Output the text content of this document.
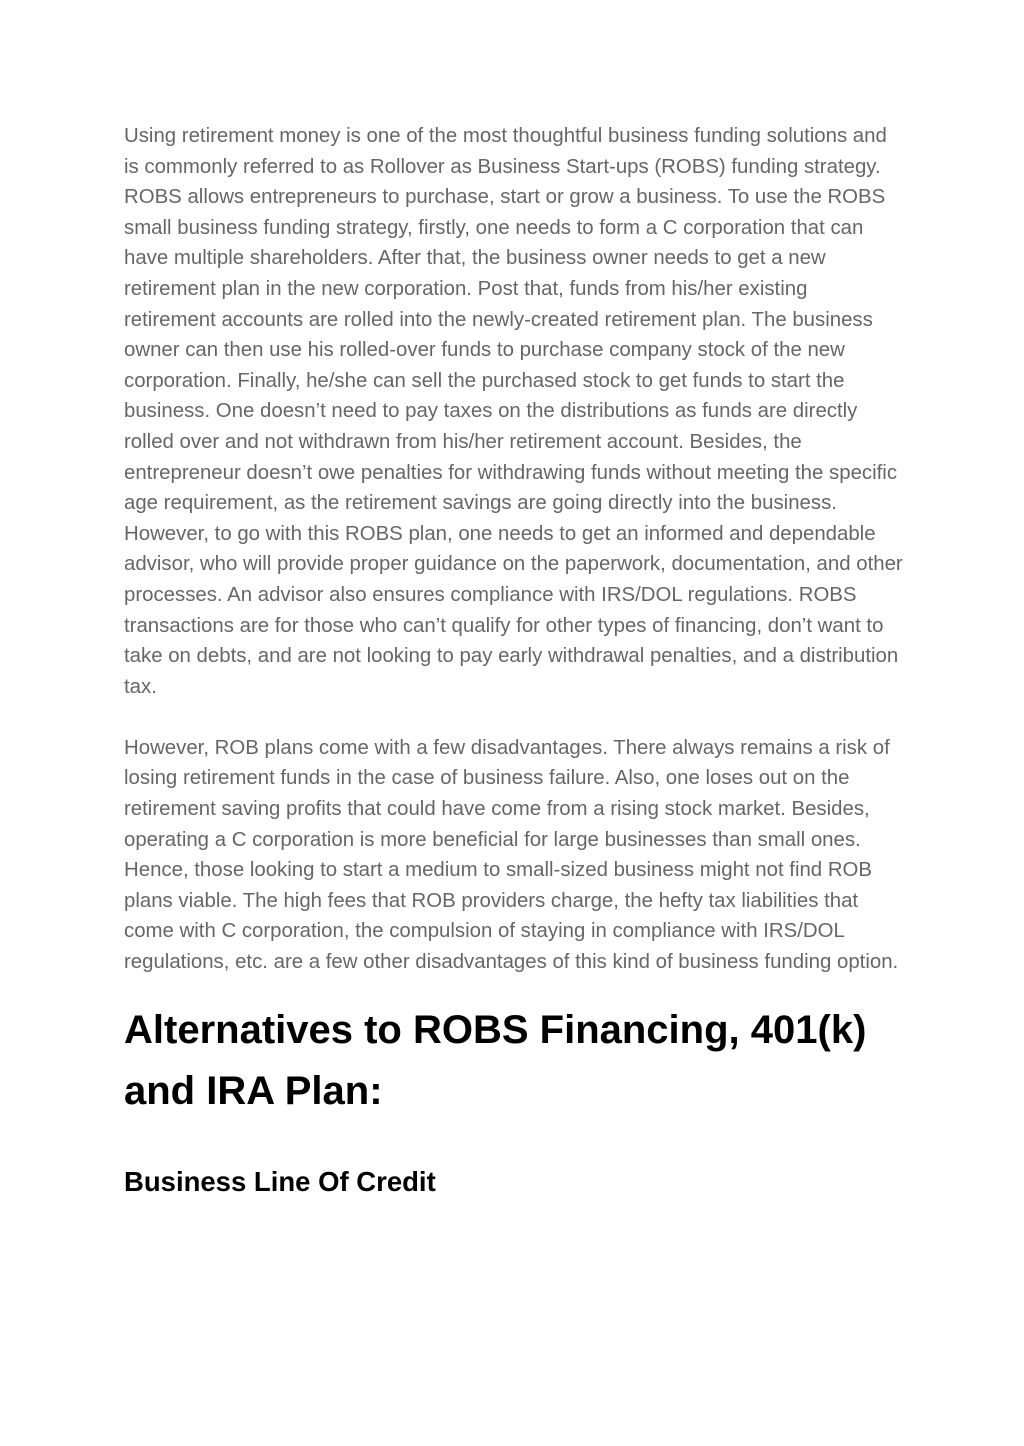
Using retirement money is one of the most thoughtful business funding solutions and is commonly referred to as Rollover as Business Start-ups (ROBS) funding strategy. ROBS allows entrepreneurs to purchase, start or grow a business. To use the ROBS small business funding strategy, firstly, one needs to form a C corporation that can have multiple shareholders. After that, the business owner needs to get a new retirement plan in the new corporation. Post that, funds from his/her existing retirement accounts are rolled into the newly-created retirement plan. The business owner can then use his rolled-over funds to purchase company stock of the new corporation. Finally, he/she can sell the purchased stock to get funds to start the business. One doesn’t need to pay taxes on the distributions as funds are directly rolled over and not withdrawn from his/her retirement account. Besides, the entrepreneur doesn’t owe penalties for withdrawing funds without meeting the specific age requirement, as the retirement savings are going directly into the business. However, to go with this ROBS plan, one needs to get an informed and dependable advisor, who will provide proper guidance on the paperwork, documentation, and other processes. An advisor also ensures compliance with IRS/DOL regulations. ROBS transactions are for those who can’t qualify for other types of financing, don’t want to take on debts, and are not looking to pay early withdrawal penalties, and a distribution tax.

However, ROB plans come with a few disadvantages. There always remains a risk of losing retirement funds in the case of business failure. Also, one loses out on the retirement saving profits that could have come from a rising stock market. Besides, operating a C corporation is more beneficial for large businesses than small ones. Hence, those looking to start a medium to small-sized business might not find ROB plans viable. The high fees that ROB providers charge, the hefty tax liabilities that come with C corporation, the compulsion of staying in compliance with IRS/DOL regulations, etc. are a few other disadvantages of this kind of business funding option.

Alternatives to ROBS Financing, 401(k) and IRA Plan:
Business Line Of Credit
